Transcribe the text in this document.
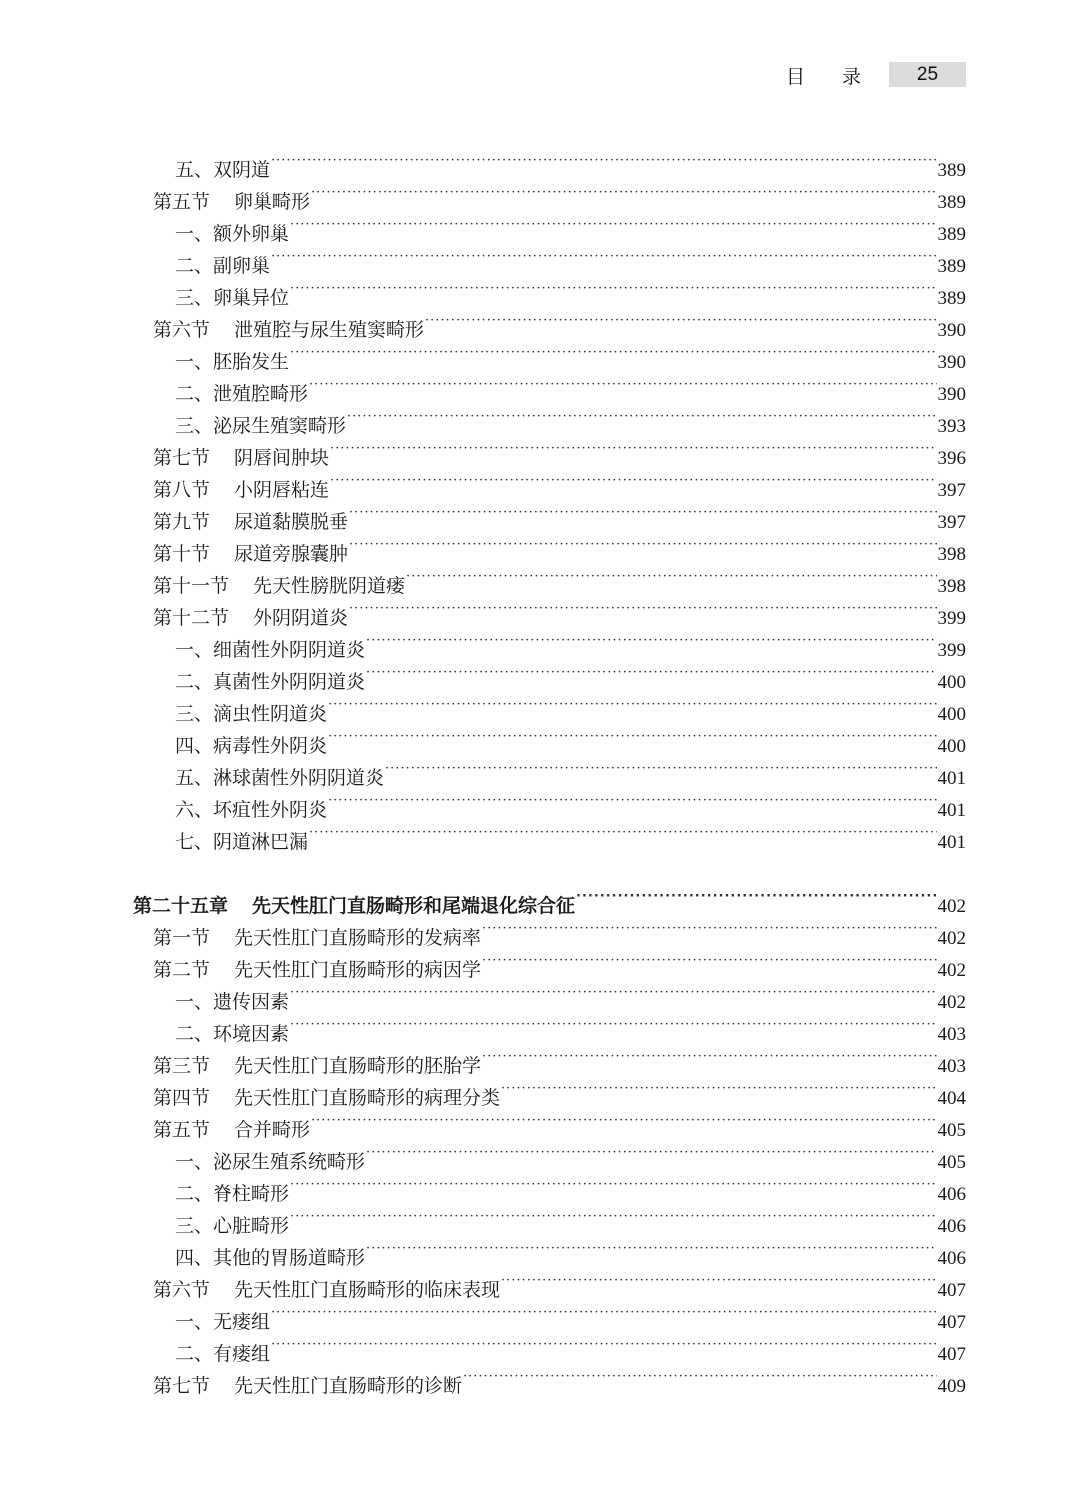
目 录	25
五、双阴道 ·····	389
第五节 卵巢畸形 ·····	389
一、额外卵巢 ·····	389
二、副卵巢 ·····	389
三、卵巢异位 ·····	389
第六节 泄殖腔与尿生殖窦畸形 ·····	390
一、胚胎发生 ·····	390
二、泄殖腔畸形 ·····	390
三、泌尿生殖窦畸形 ·····	393
第七节 阴唇间肿块 ·····	396
第八节 小阴唇粘连 ·····	397
第九节 尿道黏膜脱垂 ·····	397
第十节 尿道旁腺囊肿 ·····	398
第十一节 先天性膀胱阴道瘘 ·····	398
第十二节 外阴阴道炎 ·····	399
一、细菌性外阴阴道炎 ·····	399
二、真菌性外阴阴道炎 ·····	400
三、滴虫性阴道炎 ·····	400
四、病毒性外阴炎 ·····	400
五、淋球菌性外阴阴道炎 ·····	401
六、坏疽性外阴炎 ·····	401
七、阴道淋巴漏 ·····	401
第二十五章 先天性肛门直肠畸形和尾端退化综合征 ·····	402
第一节 先天性肛门直肠畸形的发病率 ·····	402
第二节 先天性肛门直肠畸形的病因学 ·····	402
一、遗传因素 ·····	402
二、环境因素 ·····	403
第三节 先天性肛门直肠畸形的胚胎学 ·····	403
第四节 先天性肛门直肠畸形的病理分类 ·····	404
第五节 合并畸形 ·····	405
一、泌尿生殖系统畸形 ·····	405
二、脊柱畸形 ·····	406
三、心脏畸形 ·····	406
四、其他的胃肠道畸形 ·····	406
第六节 先天性肛门直肠畸形的临床表现 ·····	407
一、无瘘组 ·····	407
二、有瘘组 ·····	407
第七节 先天性肛门直肠畸形的诊断 ·····	409
